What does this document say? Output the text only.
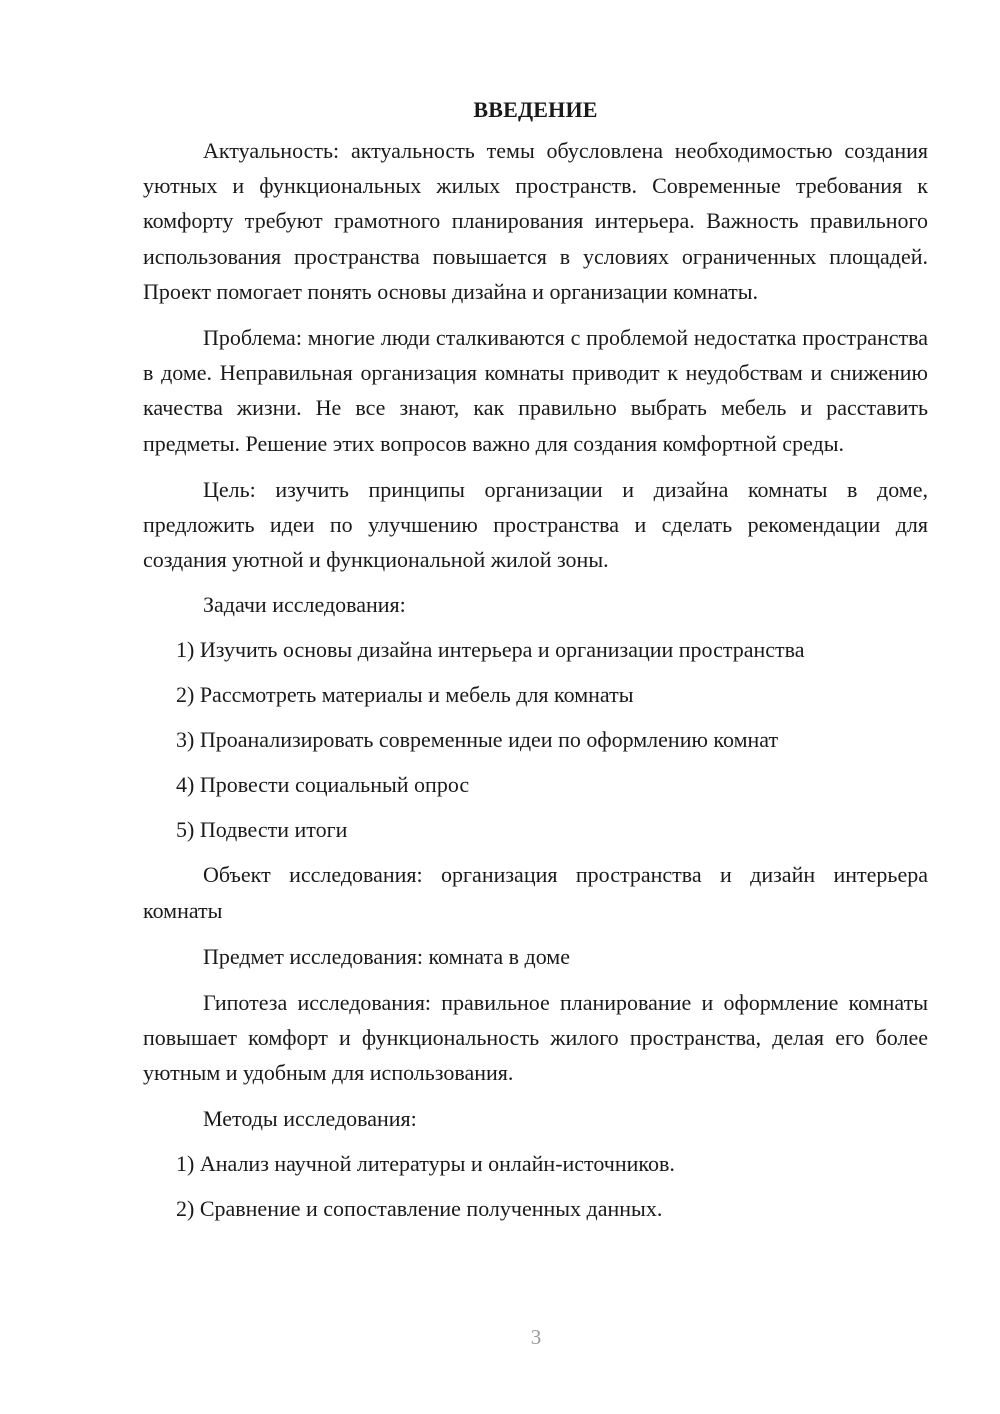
ВВЕДЕНИЕ

Актуальность: актуальность темы обусловлена необходимостью создания уютных и функциональных жилых пространств. Современные требования к комфорту требуют грамотного планирования интерьера. Важность правильного использования пространства повышается в условиях ограниченных площадей. Проект помогает понять основы дизайна и организации комнаты.

Проблема: многие люди сталкиваются с проблемой недостатка пространства в доме. Неправильная организация комнаты приводит к неудобствам и снижению качества жизни. Не все знают, как правильно выбрать мебель и расставить предметы. Решение этих вопросов важно для создания комфортной среды.

Цель: изучить принципы организации и дизайна комнаты в доме, предложить идеи по улучшению пространства и сделать рекомендации для создания уютной и функциональной жилой зоны.

Задачи исследования:

1) Изучить основы дизайна интерьера и организации пространства

2) Рассмотреть материалы и мебель для комнаты

3) Проанализировать современные идеи по оформлению комнат

4) Провести социальный опрос

5) Подвести итоги

Объект исследования: организация пространства и дизайн интерьера комнаты

Предмет исследования: комната в доме

Гипотеза исследования: правильное планирование и оформление комнаты повышает комфорт и функциональность жилого пространства, делая его более уютным и удобным для использования.

Методы исследования:

1) Анализ научной литературы и онлайн-источников.

2) Сравнение и сопоставление полученных данных.

3
